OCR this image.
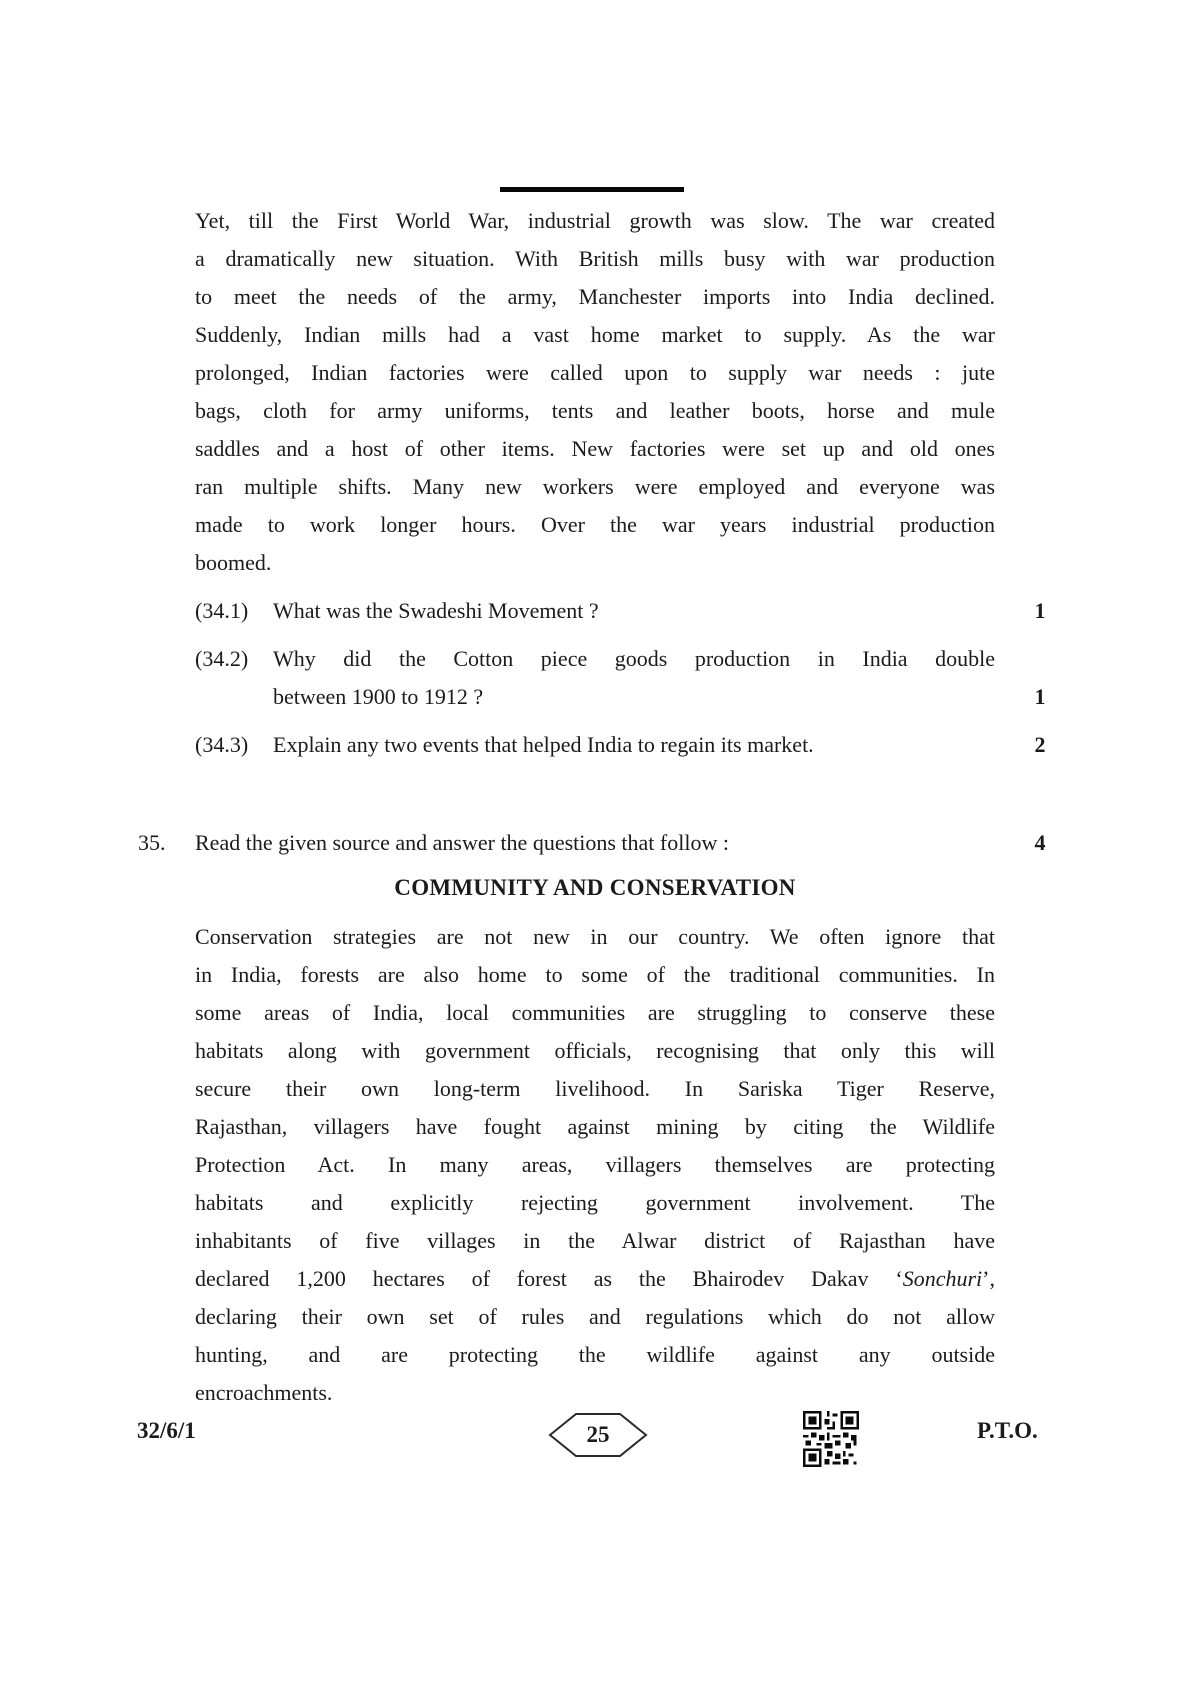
Yet, till the First World War, industrial growth was slow. The war created
a dramatically new situation. With British mills busy with war production
to meet the needs of the army, Manchester imports into India declined.
Suddenly, Indian mills had a vast home market to supply. As the war
prolonged, Indian factories were called upon to supply war needs : jute
bags, cloth for army uniforms, tents and leather boots, horse and mule
saddles and a host of other items. New factories were set up and old ones
ran multiple shifts. Many new workers were employed and everyone was
made to work longer hours. Over the war years industrial production
boomed.
(34.1)	What was the Swadeshi Movement ?	1
(34.2)	Why did the Cotton piece goods production in India double
between 1900 to 1912 ?	1
(34.3)	Explain any two events that helped India to regain its market.	2
35.	Read the given source and answer the questions that follow :	4
COMMUNITY AND CONSERVATION
Conservation strategies are not new in our country. We often ignore that
in India, forests are also home to some of the traditional communities. In
some areas of India, local communities are struggling to conserve these
habitats along with government officials, recognising that only this will
secure their own long-term livelihood. In Sariska Tiger Reserve,
Rajasthan, villagers have fought against mining by citing the Wildlife
Protection Act. In many areas, villagers themselves are protecting
habitats and explicitly rejecting government involvement. The
inhabitants of five villages in the Alwar district of Rajasthan have
declared 1,200 hectares of forest as the Bhairodev Dakav ‘Sonchuri’,
declaring their own set of rules and regulations which do not allow
hunting, and are protecting the wildlife against any outside
encroachments.
32/6/1	25	P.T.O.
